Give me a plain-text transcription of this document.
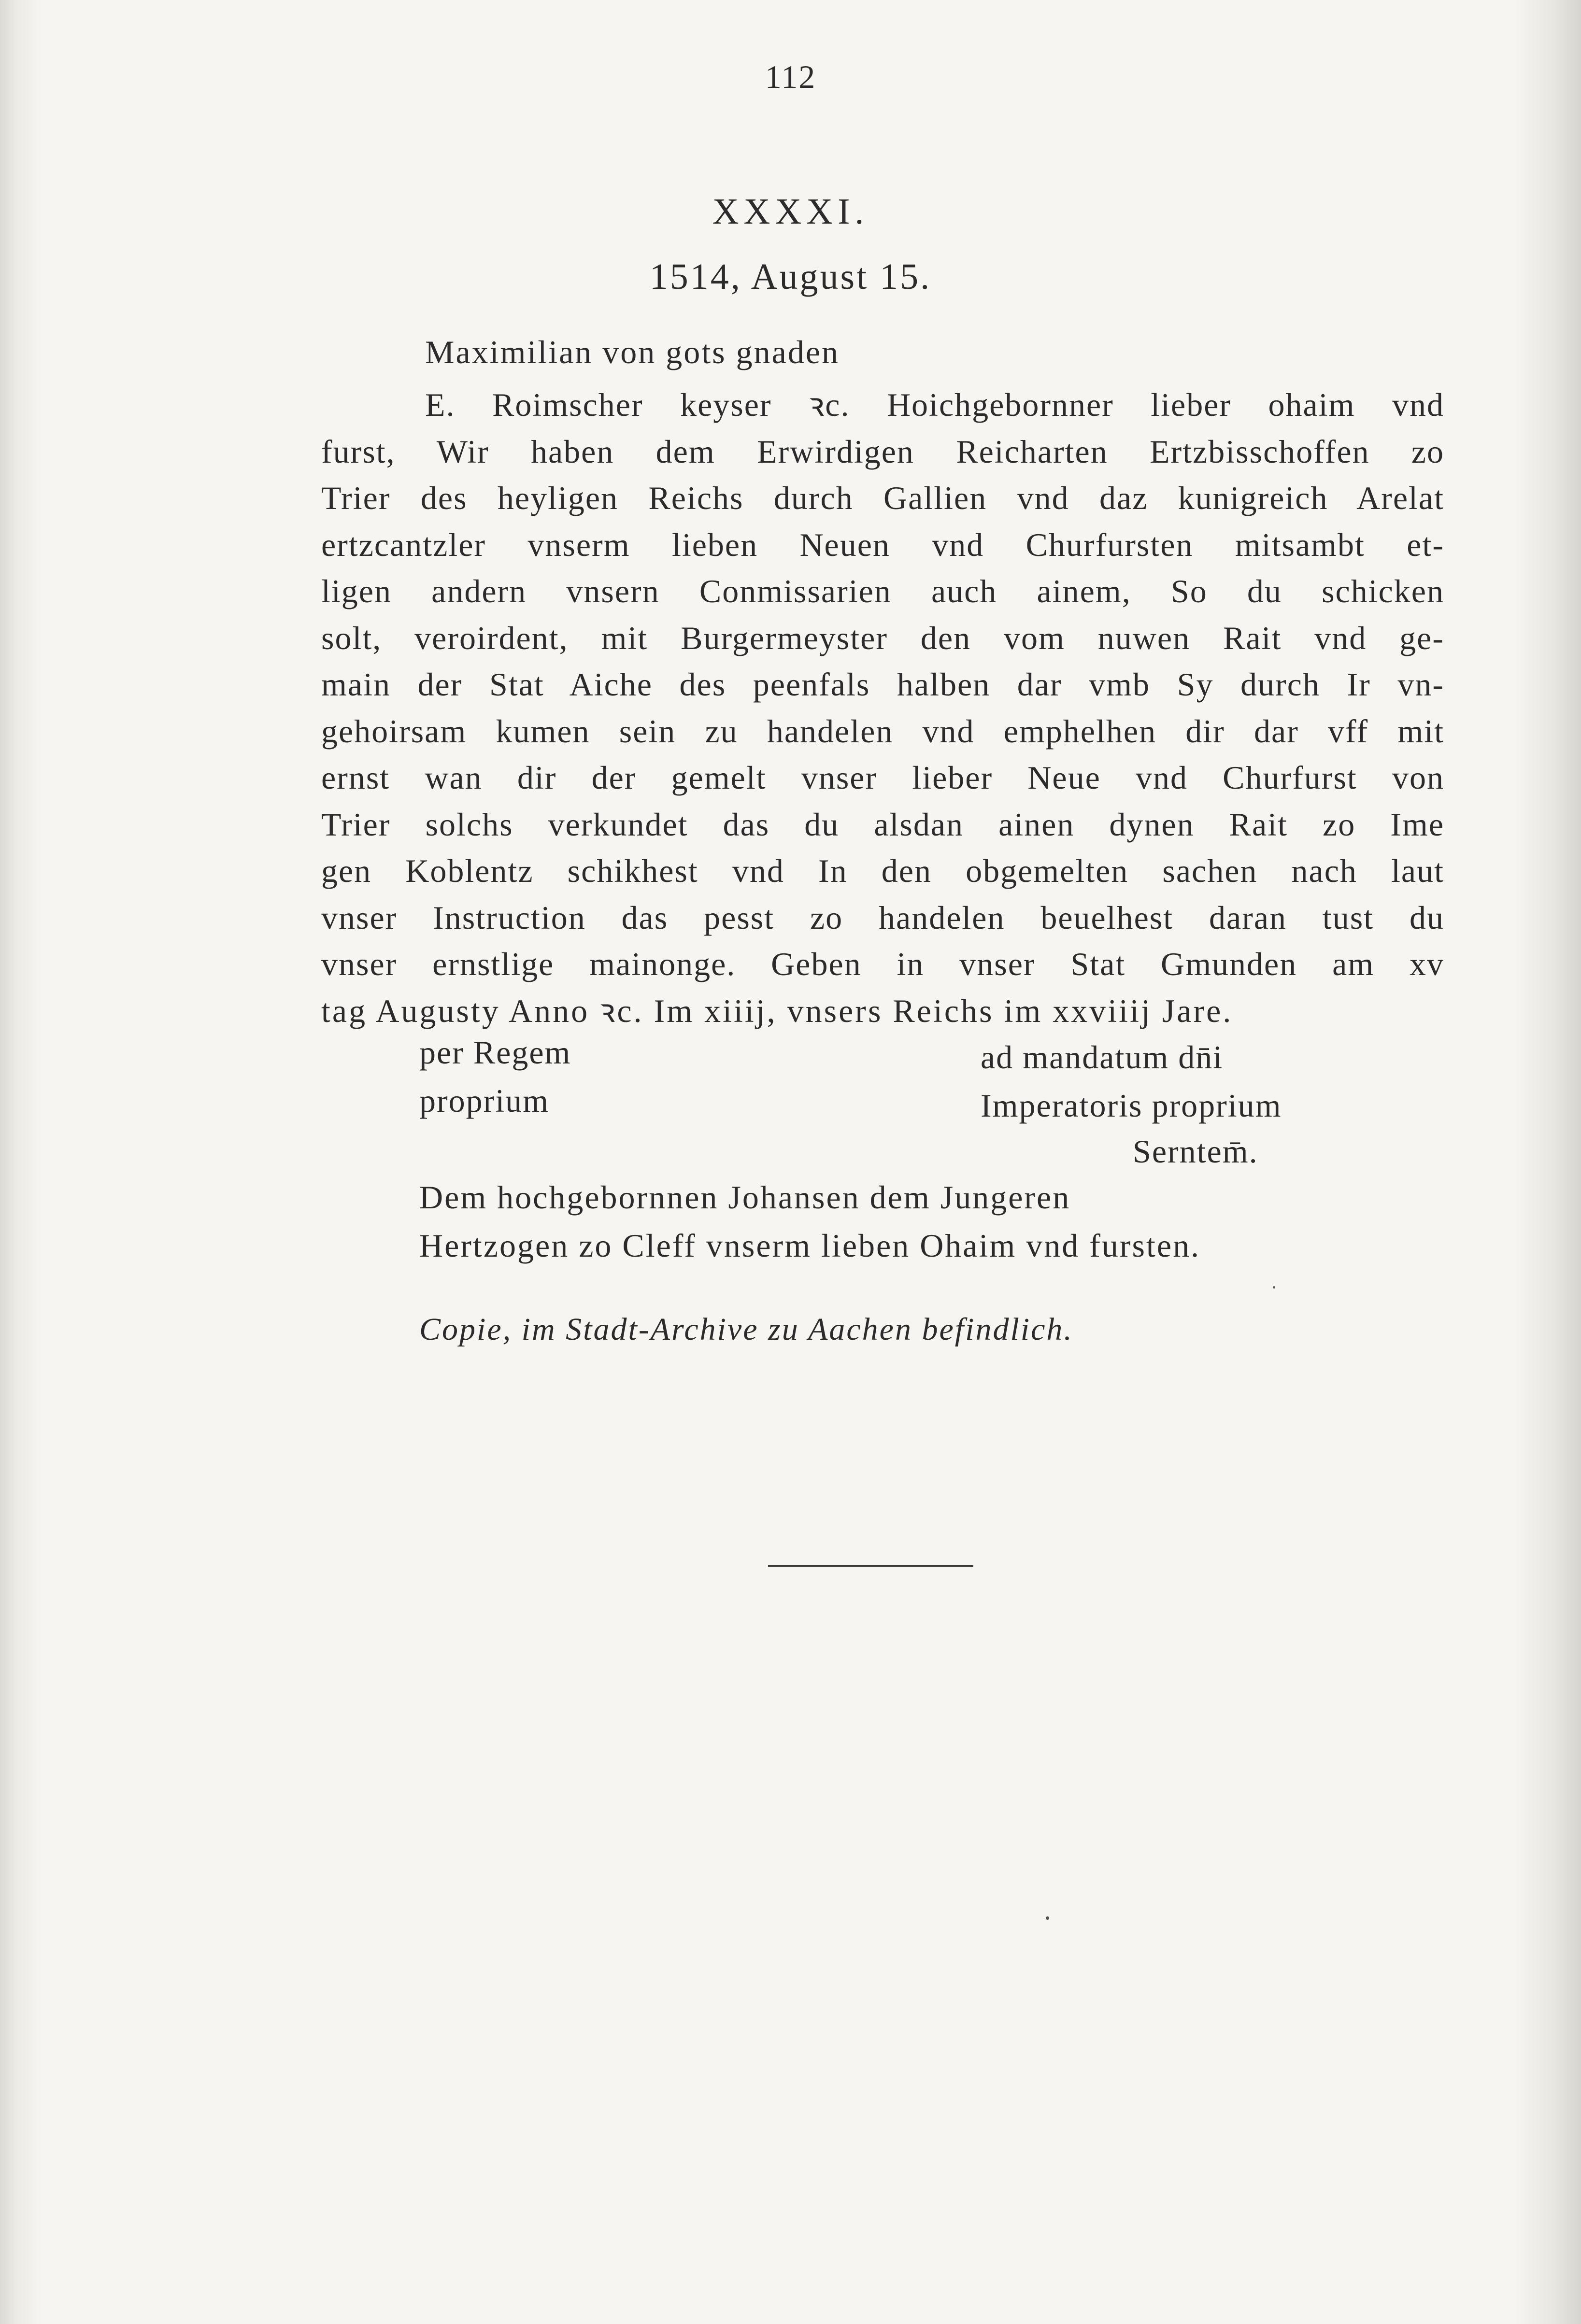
112
XXXXI.
1514, August 15.
Maximilian von gots gnaden
E. Roimscher keyser ꝛc. Hoichgebornner lieber ohaim vnd
furst, Wir haben dem Erwirdigen Reicharten Ertzbisschoffen zo
Trier des heyligen Reichs durch Gallien vnd daz kunigreich Arelat
ertzcantzler vnserm lieben Neuen vnd Churfursten mitsambt et-
ligen andern vnsern Conmissarien auch ainem, So du schicken
solt, veroirdent, mit Burgermeyster den vom nuwen Rait vnd ge-
main der Stat Aiche des peenfals halben dar vmb Sy durch Ir vn-
gehoirsam kumen sein zu handelen vnd emphelhen dir dar vff mit
ernst wan dir der gemelt vnser lieber Neue vnd Churfurst von
Trier solchs verkundet das du alsdan ainen dynen Rait zo Ime
gen Koblentz schikhest vnd In den obgemelten sachen nach laut
vnser Instruction das pesst zo handelen beuelhest daran tust du
vnser ernstlige mainonge. Geben in vnser Stat Gmunden am xv
tag Augusty Anno ꝛc. Im xiiij, vnsers Reichs im xxviiij Jare.
per Regem
proprium
ad mandatum dn̄i
Imperatoris proprium
Serntem̄.
Dem hochgebornnen Johansen dem Jungeren
Hertzogen zo Cleff vnserm lieben Ohaim vnd fursten.
Copie, im Stadt-Archive zu Aachen befindlich.
